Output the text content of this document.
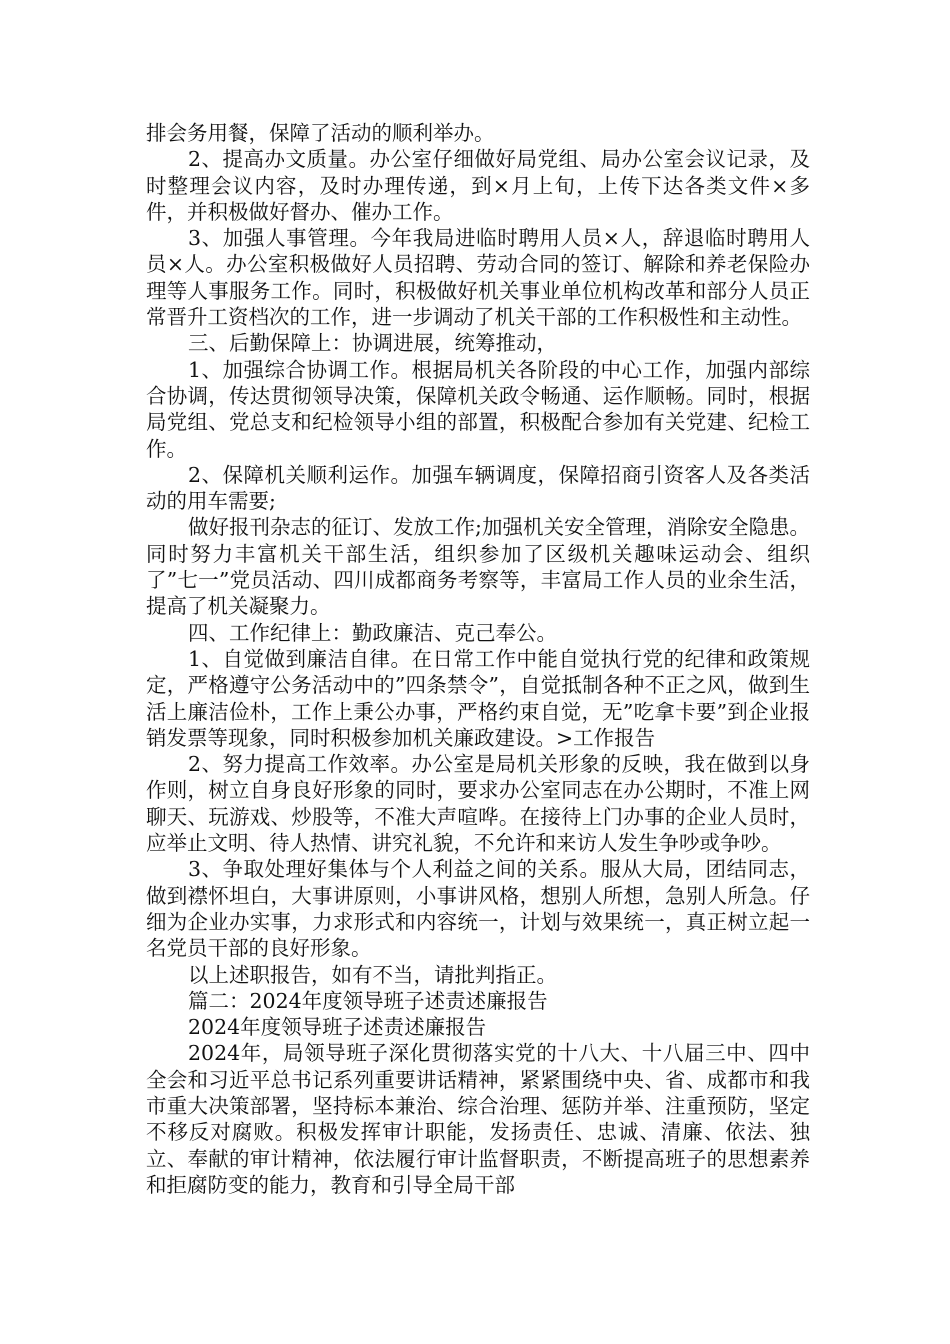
排会务用餐，保障了活动的顺利举办。

2、提高办文质量。办公室仔细做好局党组、局办公室会议记录，及时整理会议内容，及时办理传递，到×月上旬，上传下达各类文件×多件，并积极做好督办、催办工作。

3、加强人事管理。今年我局进临时聘用人员×人，辞退临时聘用人员×人。办公室积极做好人员招聘、劳动合同的签订、解除和养老保险办理等人事服务工作。同时，积极做好机关事业单位机构改革和部分人员正常晋升工资档次的工作，进一步调动了机关干部的工作积极性和主动性。

三、后勤保障上：协调进展，统筹推动，

1、加强综合协调工作。根据局机关各阶段的中心工作，加强内部综合协调，传达贯彻领导决策，保障机关政令畅通、运作顺畅。同时，根据局党组、党总支和纪检领导小组的部置，积极配合参加有关党建、纪检工作。

2、保障机关顺利运作。加强车辆调度，保障招商引资客人及各类活动的用车需要;

做好报刊杂志的征订、发放工作;加强机关安全管理，消除安全隐患。同时努力丰富机关干部生活，组织参加了区级机关趣味运动会、组织了”七一”党员活动、四川成都商务考察等，丰富局工作人员的业余生活，提高了机关凝聚力。

四、工作纪律上：勤政廉洁、克己奉公。

1、自觉做到廉洁自律。在日常工作中能自觉执行党的纪律和政策规定，严格遵守公务活动中的”四条禁令”，自觉抵制各种不正之风，做到生活上廉洁俭朴，工作上秉公办事，严格约束自觉，无”吃拿卡要”到企业报销发票等现象，同时积极参加机关廉政建设。>工作报告

2、努力提高工作效率。办公室是局机关形象的反映，我在做到以身作则，树立自身良好形象的同时，要求办公室同志在办公期时，不准上网聊天、玩游戏、炒股等，不准大声喧哗。在接待上门办事的企业人员时，应举止文明、待人热情、讲究礼貌，不允许和来访人发生争吵或争吵。

3、争取处理好集体与个人利益之间的关系。服从大局，团结同志，做到襟怀坦白，大事讲原则，小事讲风格，想别人所想，急别人所急。仔细为企业办实事，力求形式和内容统一，计划与效果统一，真正树立起一名党员干部的良好形象。

以上述职报告，如有不当，请批判指正。

篇二：2024年度领导班子述责述廉报告

2024年度领导班子述责述廉报告

2024年，局领导班子深化贯彻落实党的十八大、十八届三中、四中全会和习近平总书记系列重要讲话精神，紧紧围绕中央、省、成都市和我市重大决策部署，坚持标本兼治、综合治理、惩防并举、注重预防，坚定不移反对腐败。积极发挥审计职能，发扬责任、忠诚、清廉、依法、独立、奉献的审计精神，依法履行审计监督职责，不断提高班子的思想素养和拒腐防变的能力，教育和引导全局干部
